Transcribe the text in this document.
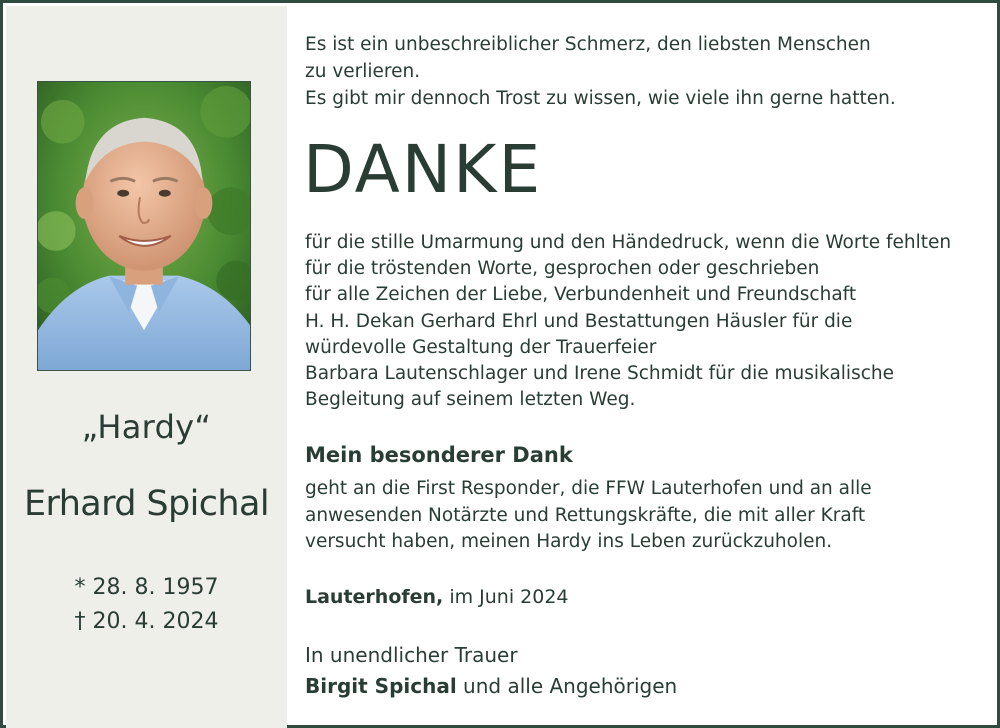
„Hardy“
Erhard Spichal
* 28. 8. 1957
† 20. 4. 2024
Es ist ein unbeschreiblicher Schmerz, den liebsten Menschen
zu verlieren.
Es gibt mir dennoch Trost zu wissen, wie viele ihn gerne hatten.
DANKE
für die stille Umarmung und den Händedruck, wenn die Worte fehlten
für die tröstenden Worte, gesprochen oder geschrieben
für alle Zeichen der Liebe, Verbundenheit und Freundschaft
H. H. Dekan Gerhard Ehrl und Bestattungen Häusler für die
würdevolle Gestaltung der Trauerfeier
Barbara Lautenschlager und Irene Schmidt für die musikalische
Begleitung auf seinem letzten Weg.
Mein besonderer Dank
geht an die First Responder, die FFW Lauterhofen und an alle
anwesenden Notärzte und Rettungskräfte, die mit aller Kraft
versucht haben, meinen Hardy ins Leben zurückzuholen.
Lauterhofen, im Juni 2024
In unendlicher Trauer
Birgit Spichal und alle Angehörigen
